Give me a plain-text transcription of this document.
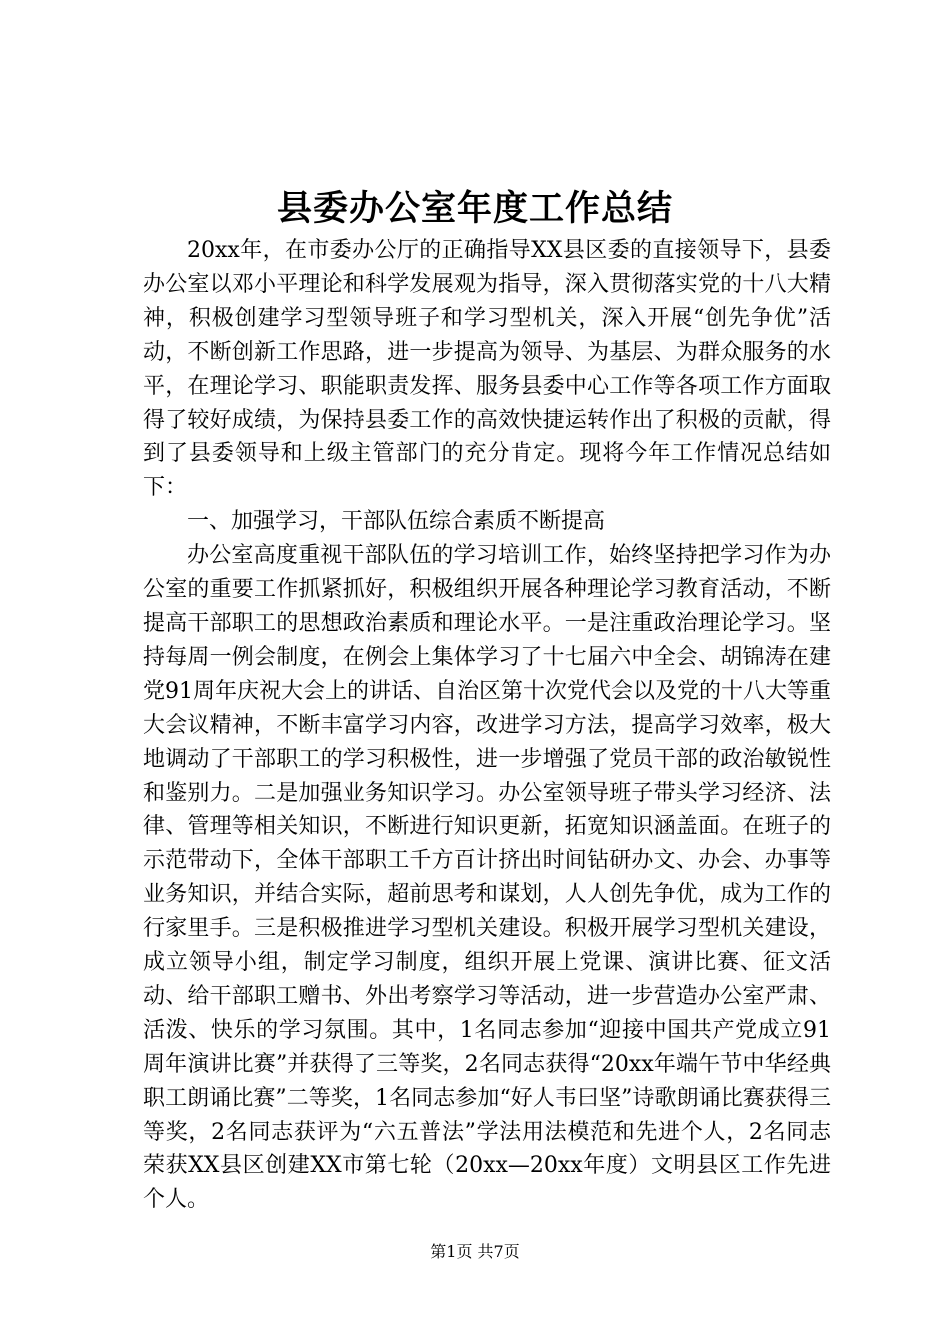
县委办公室年度工作总结

20xx年，在市委办公厅的正确指导XX县区委的直接领导下，县委办公室以邓小平理论和科学发展观为指导，深入贯彻落实党的十八大精神，积极创建学习型领导班子和学习型机关，深入开展“创先争优”活动，不断创新工作思路，进一步提高为领导、为基层、为群众服务的水平，在理论学习、职能职责发挥、服务县委中心工作等各项工作方面取得了较好成绩，为保持县委工作的高效快捷运转作出了积极的贡献，得到了县委领导和上级主管部门的充分肯定。现将今年工作情况总结如下：

一、加强学习，干部队伍综合素质不断提高

办公室高度重视干部队伍的学习培训工作，始终坚持把学习作为办公室的重要工作抓紧抓好，积极组织开展各种理论学习教育活动，不断提高干部职工的思想政治素质和理论水平。一是注重政治理论学习。坚持每周一例会制度，在例会上集体学习了十七届六中全会、胡锦涛在建党91周年庆祝大会上的讲话、自治区第十次党代会以及党的十八大等重大会议精神，不断丰富学习内容，改进学习方法，提高学习效率，极大地调动了干部职工的学习积极性，进一步增强了党员干部的政治敏锐性和鉴别力。二是加强业务知识学习。办公室领导班子带头学习经济、法律、管理等相关知识，不断进行知识更新，拓宽知识涵盖面。在班子的示范带动下，全体干部职工千方百计挤出时间钻研办文、办会、办事等业务知识，并结合实际，超前思考和谋划，人人创先争优，成为工作的行家里手。三是积极推进学习型机关建设。积极开展学习型机关建设，成立领导小组，制定学习制度，组织开展上党课、演讲比赛、征文活动、给干部职工赠书、外出考察学习等活动，进一步营造办公室严肃、活泼、快乐的学习氛围。其中，1名同志参加“迎接中国共产党成立91周年演讲比赛”并获得了三等奖，2名同志获得“20xx年端午节中华经典职工朗诵比赛”二等奖，1名同志参加“好人韦曰坚”诗歌朗诵比赛获得三等奖，2名同志获评为“六五普法”学法用法模范和先进个人，2名同志荣获XX县区创建XX市第七轮（20xx—20xx年度）文明县区工作先进个人。

第1页 共7页
